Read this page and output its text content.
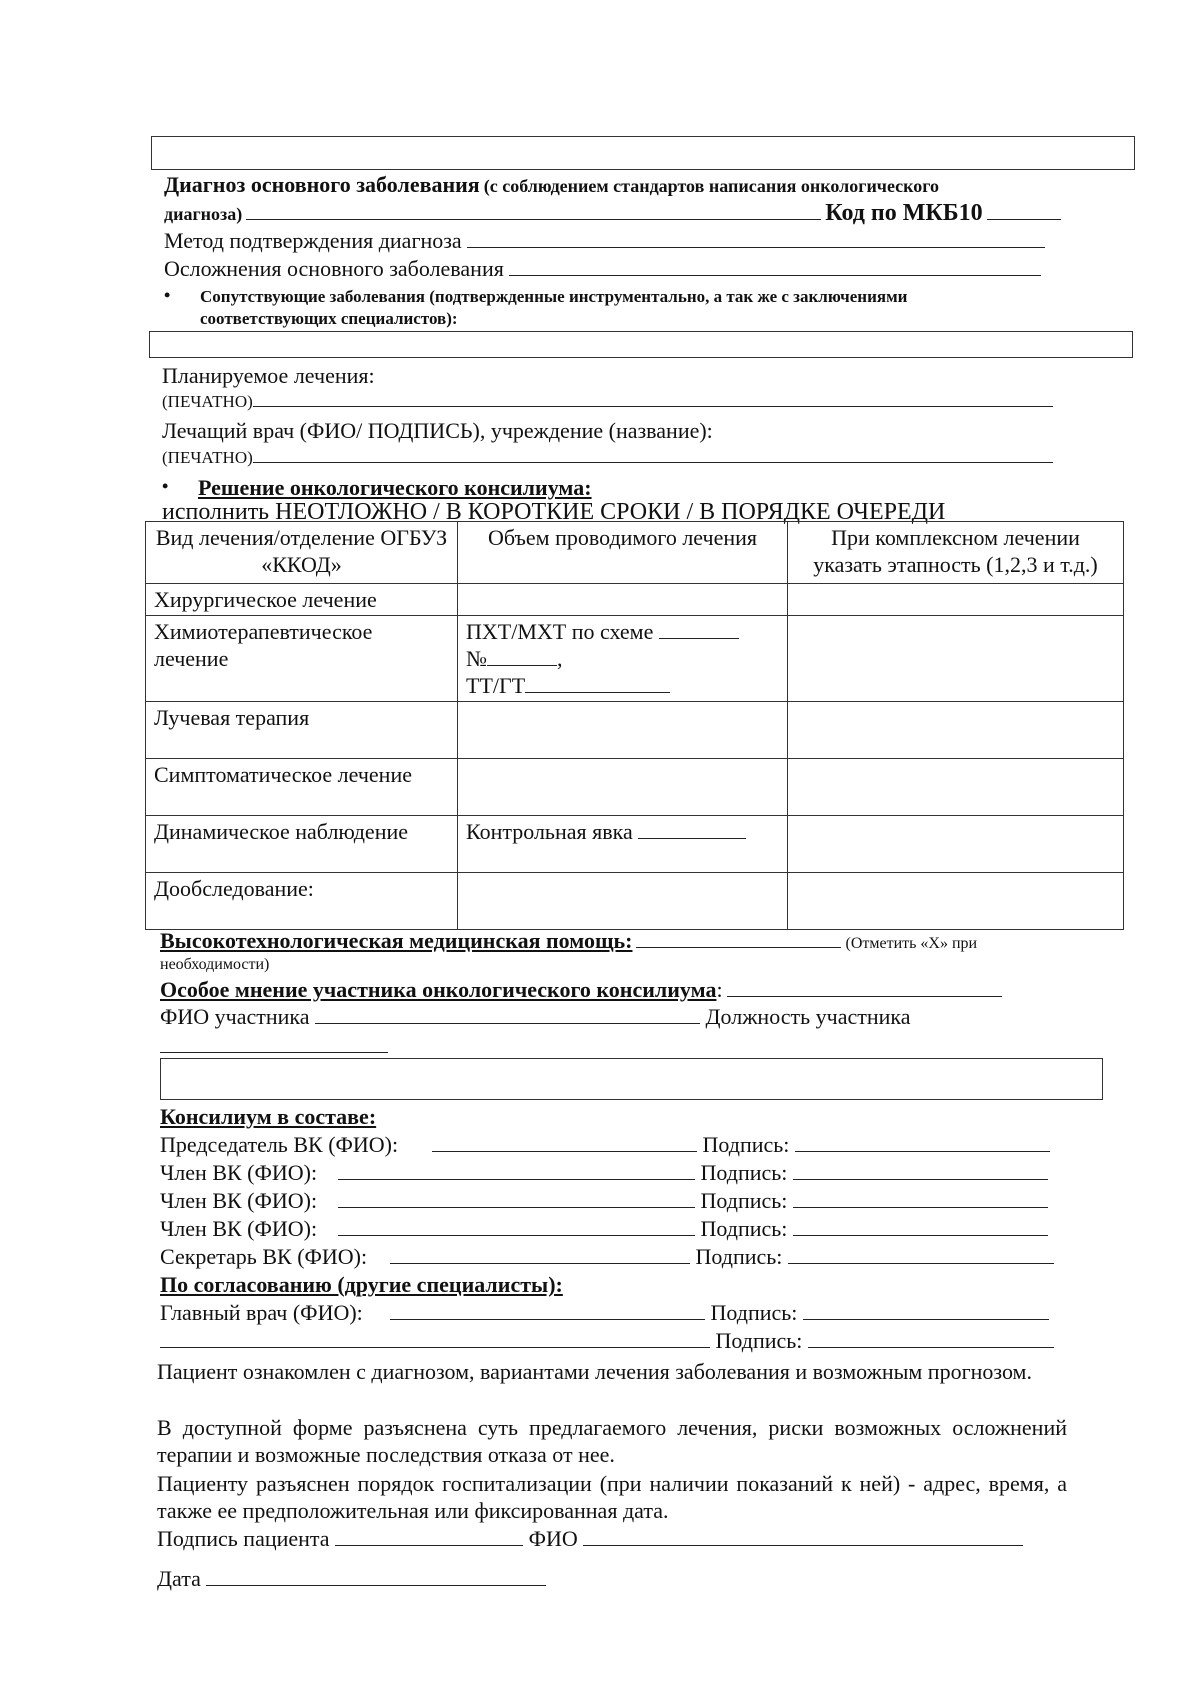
Диагноз основного заболевания (с соблюдением стандартов написания онкологического
диагноза)	Код по МКБ10
Метод подтверждения диагноза
Осложнения основного заболевания
• Сопутствующие заболевания (подтвержденные инструментально, а так же с заключениями
соответствующих специалистов):
Планируемое лечения:
(ПЕЧАТНО)
Лечащий врач (ФИО/ ПОДПИСЬ), учреждение (название):
(ПЕЧАТНО)
• Решение онкологического консилиума:
исполнить НЕОТЛОЖНО / В КОРОТКИЕ СРОКИ / В ПОРЯДКЕ ОЧЕРЕДИ
Вид лечения/отделение ОГБУЗ «ККОД»	Объем проводимого лечения	При комплексном лечении указать этапность (1,2,3 и т.д.)
Хирургическое лечение		
Химиотерапевтическое лечение	ПХТ/МХТ по схеме
№ ,
ТТ/ГТ	

Лучевая терапия		
Симптоматическое лечение		
Динамическое наблюдение	Контрольная явка	
Дообследование:		
Высокотехнологическая медицинская помощь:	(Отметить «Х» при
необходимости)
Особое мнение участника онкологического консилиума:
ФИО участника	Должность участника
Консилиум в составе:
Председатель ВК (ФИО):	Подпись:
Член ВК (ФИО):	Подпись:
Член ВК (ФИО):	Подпись:
Член ВК (ФИО):	Подпись:
Секретарь ВК (ФИО):	Подпись:
По согласованию (другие специалисты):
Главный врач (ФИО):	Подпись:
Подпись:
Пациент ознакомлен с диагнозом, вариантами лечения заболевания и возможным прогнозом.
В доступной форме разъяснена суть предлагаемого лечения, риски возможных осложнений терапии и возможные последствия отказа от нее.
Пациенту разъяснен порядок госпитализации (при наличии показаний к ней) - адрес, время, а также ее предположительная или фиксированная дата.
Подпись пациента	ФИО
Дата
